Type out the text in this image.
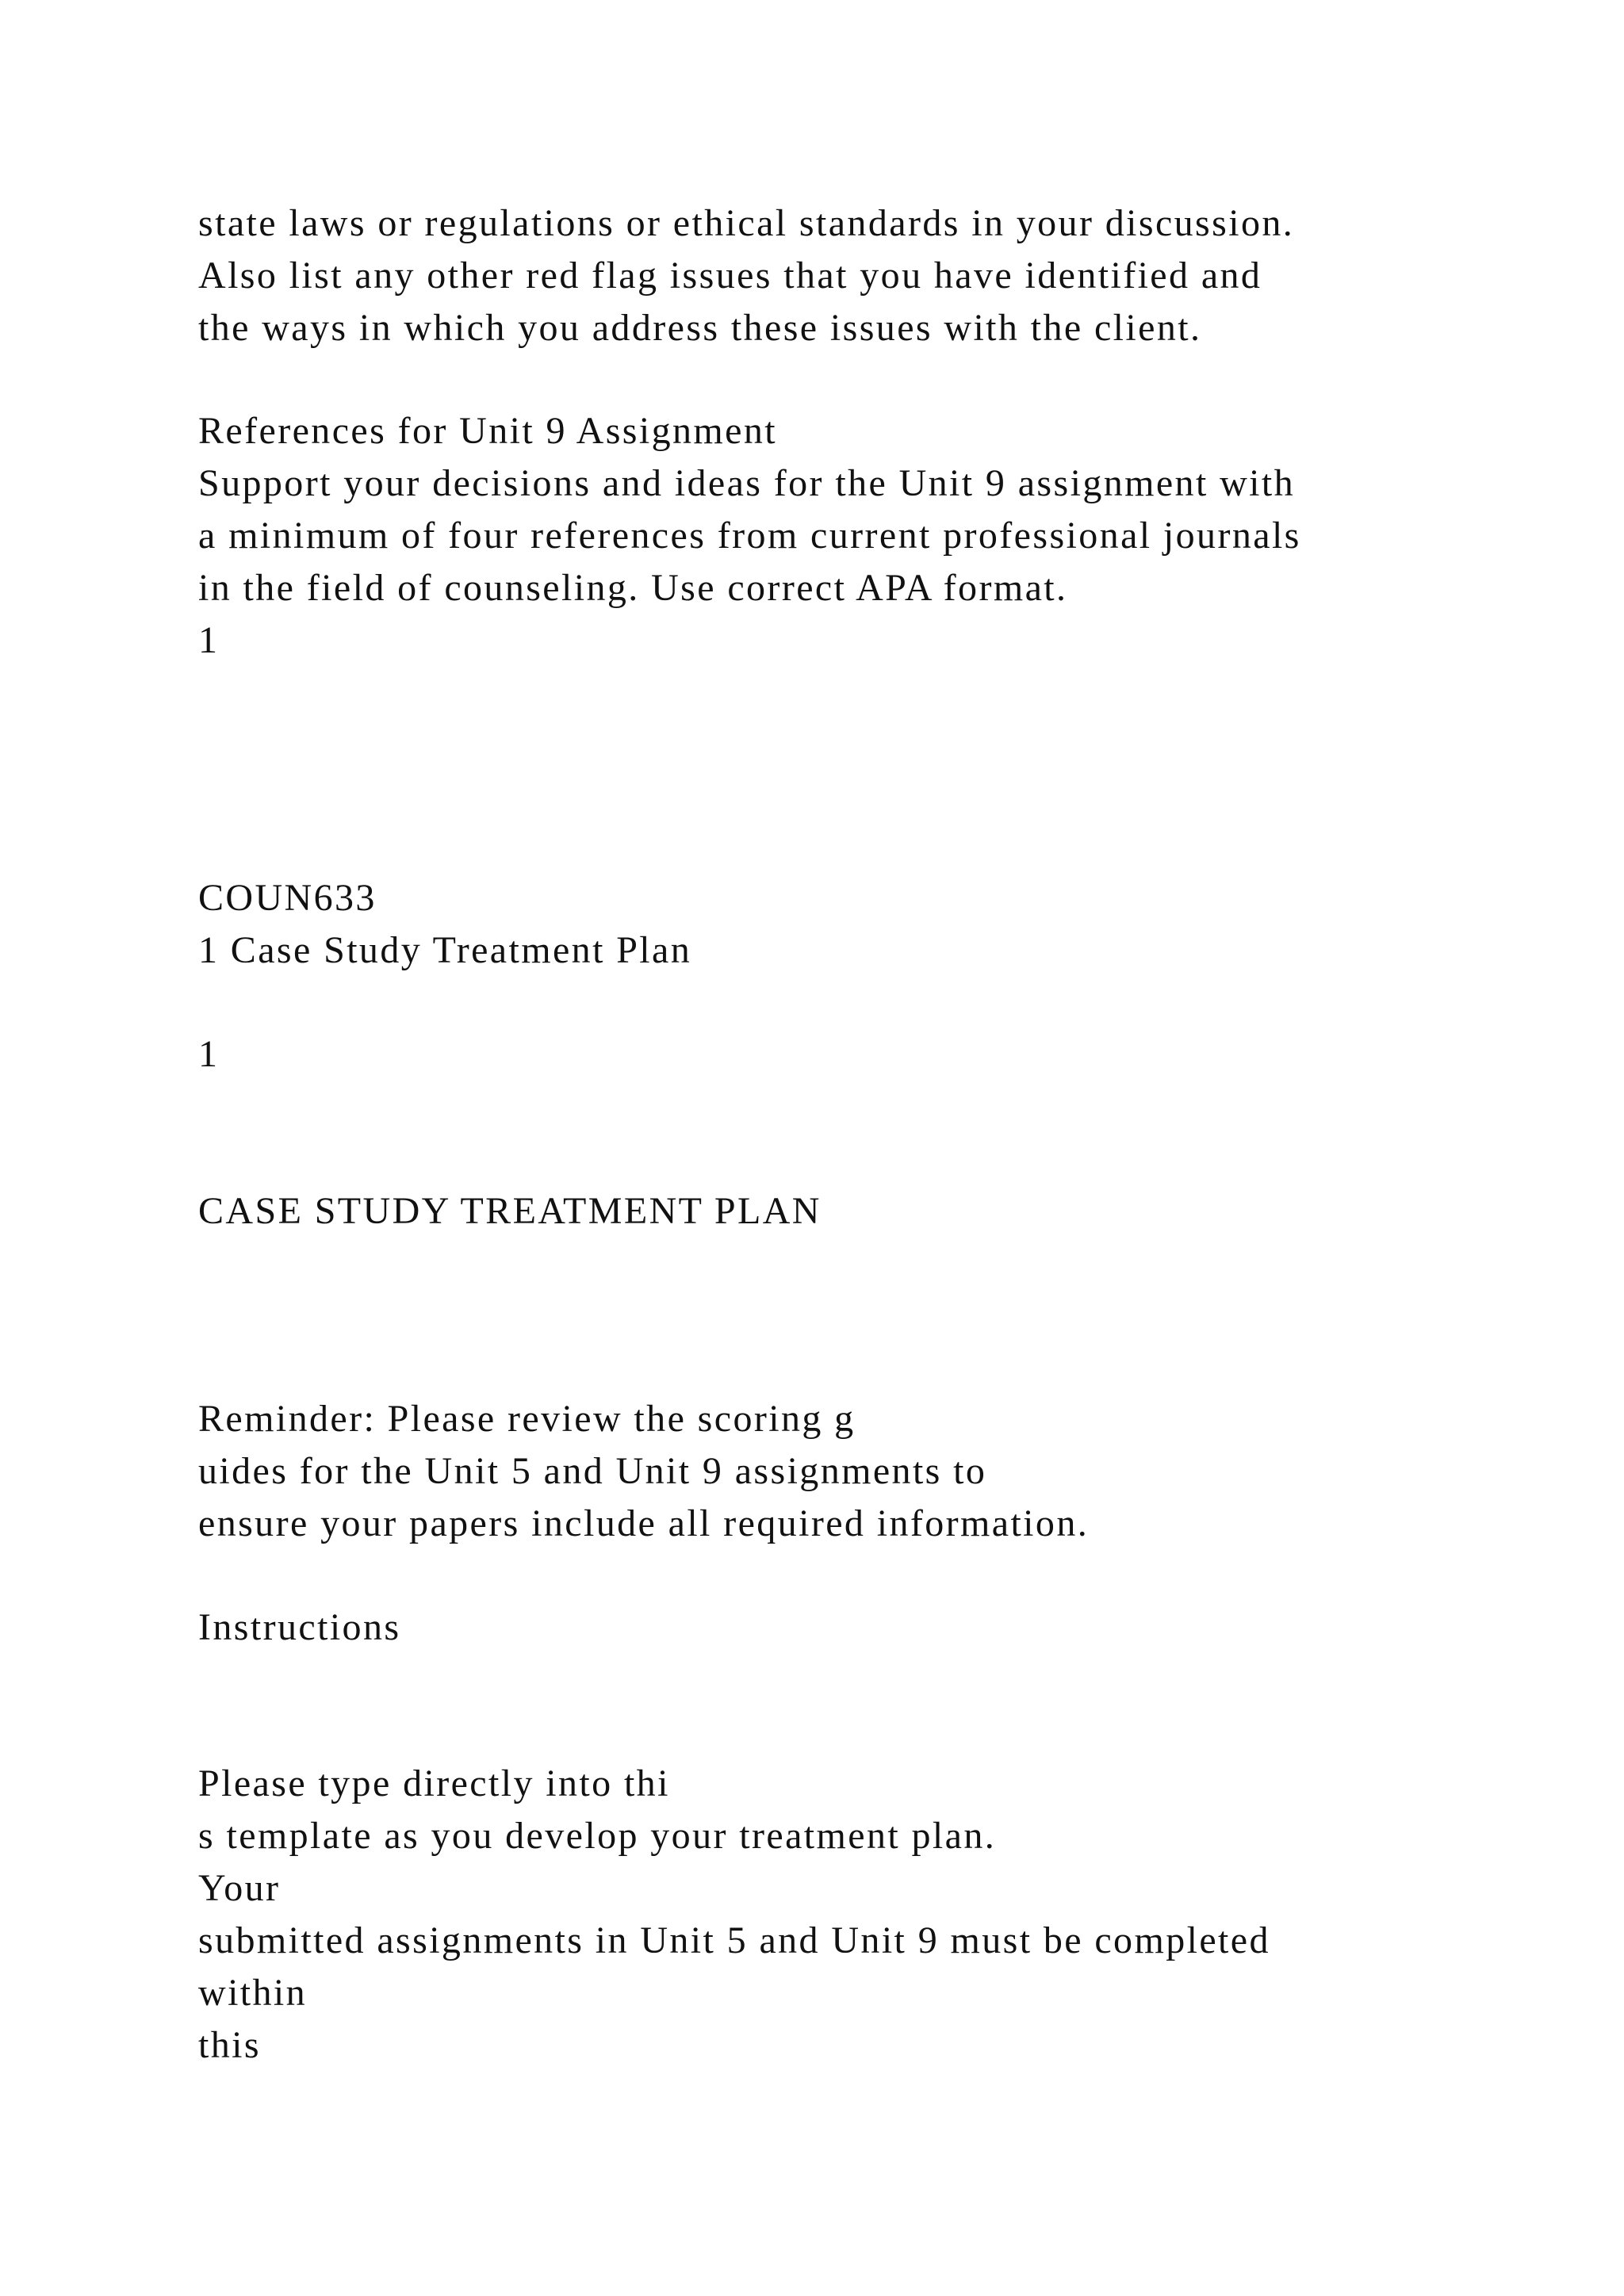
state laws or regulations or ethical standards in your discussion.

Also list any other red flag issues that you have identified and

the ways in which you address these issues with the client.

References for Unit 9 Assignment

Support your decisions and ideas for the Unit 9 assignment with

a minimum of four references from current professional journals

in the field of counseling. Use correct APA format.

1

COUN633

1 Case Study Treatment Plan

1

CASE STUDY TREATMENT PLAN

Reminder: Please review the scoring g

uides for the Unit 5 and Unit 9 assignments to

ensure your papers include all required information.

Instructions

Please type directly into thi

s template as you develop your treatment plan.

Your

submitted assignments in Unit 5 and Unit 9 must be completed

within

this
